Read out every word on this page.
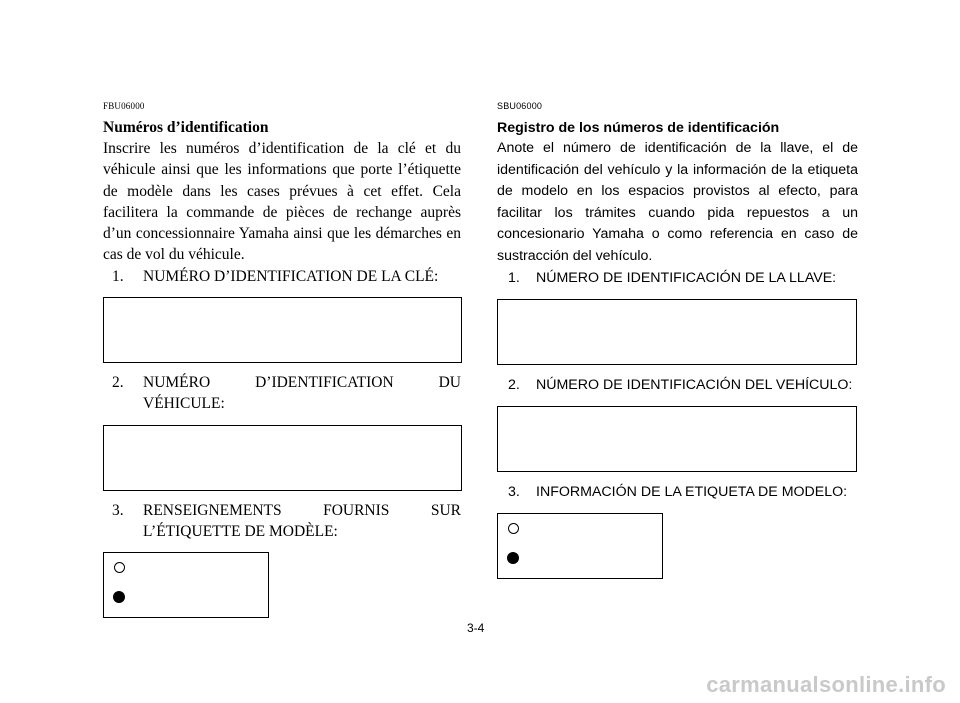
FBU06000
Numéros d’identification

Inscrire les numéros d’identification de la clé et du véhicule ainsi que les informations que porte l’étiquette de modèle dans les cases prévues à cet effet. Cela facilitera la commande de pièces de rechange auprès d’un concessionnaire Yamaha ainsi que les démarches en cas de vol du véhicule.

1.	NUMÉRO D’IDENTIFICATION DE LA CLÉ:
2.	NUMÉRO D’IDENTIFICATION DU VÉHICULE:
3.	RENSEIGNEMENTS FOURNIS SUR L’ÉTIQUETTE DE MODÈLE:
SBU06000
Registro de los números de identificación

Anote el número de identificación de la llave, el de identificación del vehículo y la información de la etiqueta de modelo en los espacios provistos al efecto, para facilitar los trámites cuando pida repuestos a un concesionario Yamaha o como referencia en caso de sustracción del vehículo.

1.	NÚMERO DE IDENTIFICACIÓN DE LA LLAVE:
2.	NÚMERO DE IDENTIFICACIÓN DEL VEHÍCULO:
3.	INFORMACIÓN DE LA ETIQUETA DE MODELO:
3-4
carmanualsonline.info
